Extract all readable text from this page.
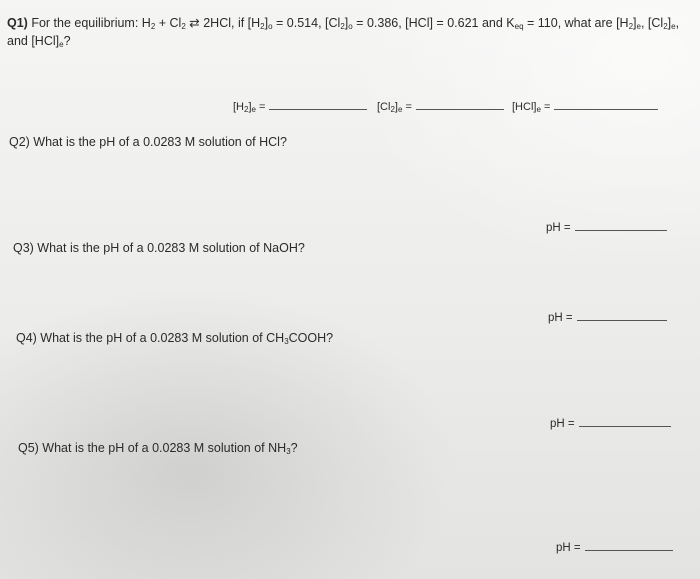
Q1) For the equilibrium: $H_2 + Cl_2$ ⇄ 2HCl, if $[H_2]_o = 0.514$, $[Cl_2]_o = 0.386$, [HCl] = 0.621 and $K_{eq} = 110$, what are $[H_2]_e$, $[Cl_2]_e$,
and $[HCl]_e$?
$[H_2]_e$ =	$[Cl_2]_e$ =	$[HCl]_e$ =
Q2) What is the pH of a 0.0283 M solution of HCl?
pH =
Q3) What is the pH of a 0.0283 M solution of NaOH?
pH =
Q4) What is the pH of a 0.0283 M solution of $CH_3COOH$?
pH =
Q5) What is the pH of a 0.0283 M solution of $NH_3$?
pH =
